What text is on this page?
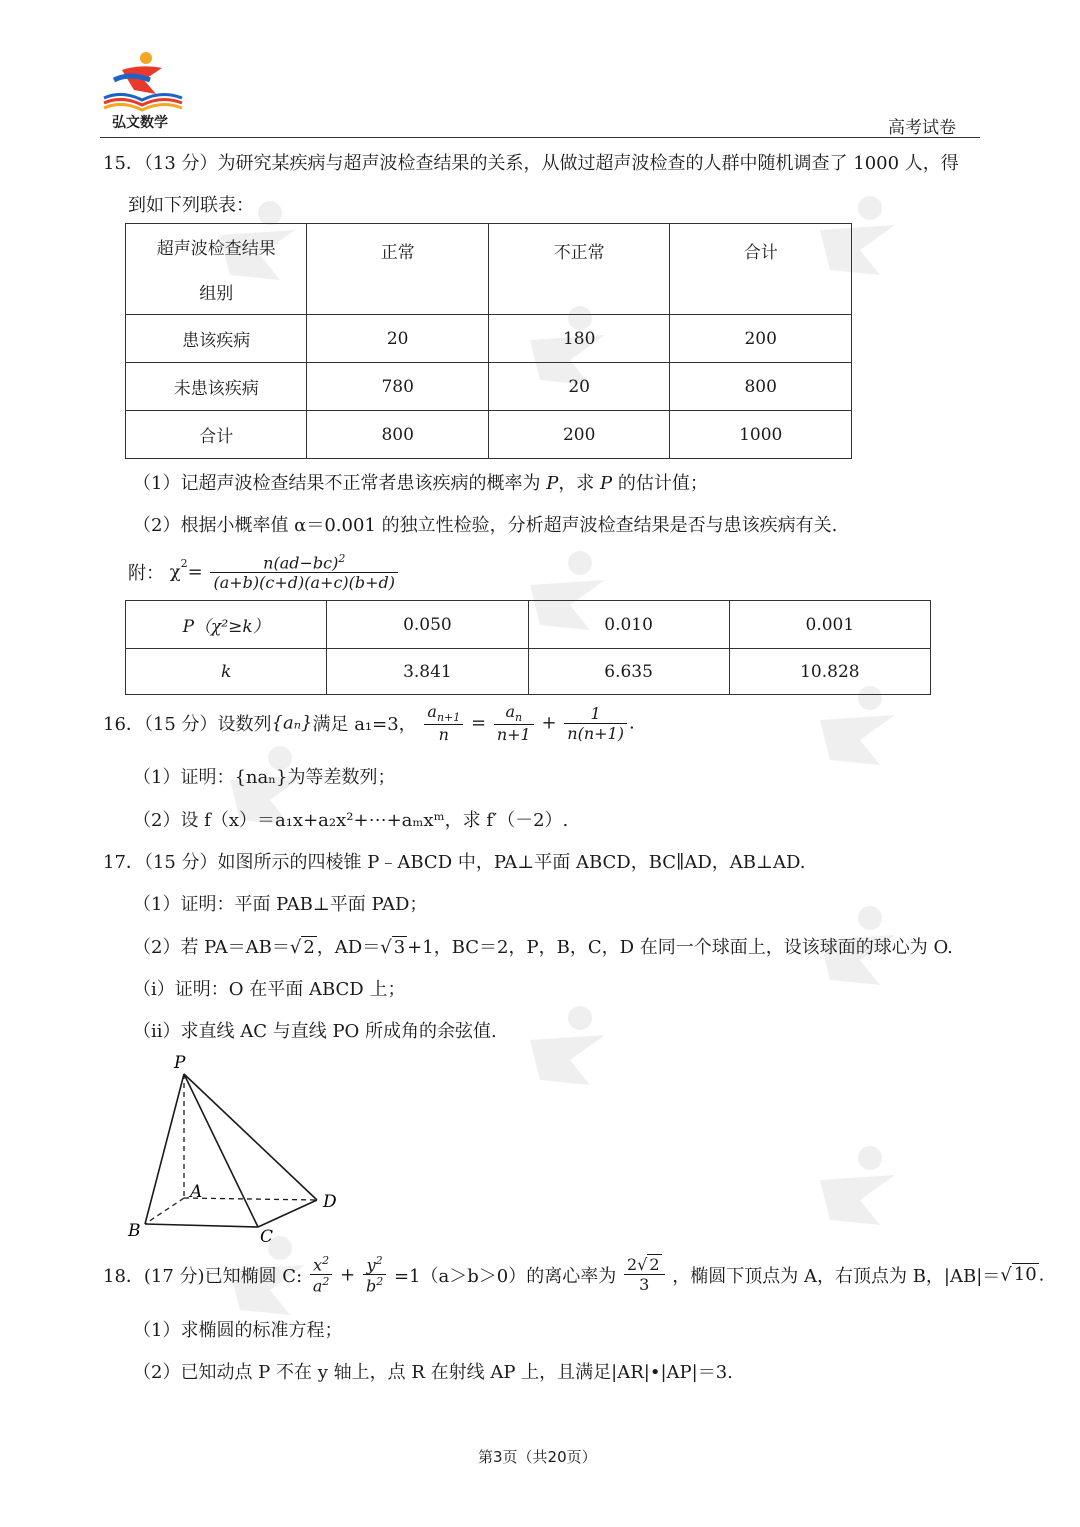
弘文数学	高考试卷
15．（13 分）为研究某疾病与超声波检查结果的关系，从做过超声波检查的人群中随机调查了 1000 人，得
到如下列联表：
超声波检查结果
组别	正常	不正常	合计
患该疾病	20	180	200
未患该疾病	780	20	800
合计	800	200	1000
（1）记超声波检查结果不正常者患该疾病的概率为 P，求 P 的估计值；
（2）根据小概率值 α＝0.001 的独立性检验，分析超声波检查结果是否与患该疾病有关.
附： $\chi^2= \frac{n(ad-bc)^2}{(a+b)(c+d)(a+c)(b+d)}$
P（χ²≥k）	0.050	0.010	0.001
k	3.841	6.635	10.828
16．（15 分）设数列{aₙ}满足 a₁=3， $\frac{a_{n+1}}{n} = \frac{a_n}{n+1} + \frac{1}{n(n+1)}$ .
（1）证明：{naₙ}为等差数列；
（2）设 f（x）＝a₁x+a₂x²+⋯+aₘxᵐ，求 f′（－2）.
17．（15 分）如图所示的四棱锥 P﹣ABCD 中，PA⊥平面 ABCD，BC∥AD，AB⊥AD.
（1）证明：平面 PAB⊥平面 PAD；
（2）若 PA＝AB＝√ 2 ，AD＝√ 3 +1，BC＝2，P，B，C，D 在同一个球面上，设该球面的球心为 O.
（i）证明：O 在平面 ABCD 上；
（ii）求直线 AC 与直线 PO 所成角的余弦值.
P
A
B	C
D
18．(17 分)已知椭圆 C: $\frac{x^2}{a^2} + \frac{y^2}{b^2} =1(a>b>0)$的离心率为 $\frac{2√ 2}{3}$ ，椭圆下顶点为 A，右顶点为 B，|AB|＝√ 10 .
（1）求椭圆的标准方程；
（2）已知动点 P 不在 y 轴上，点 R 在射线 AP 上，且满足|AR|•|AP|＝3.
第3页（共20页）
